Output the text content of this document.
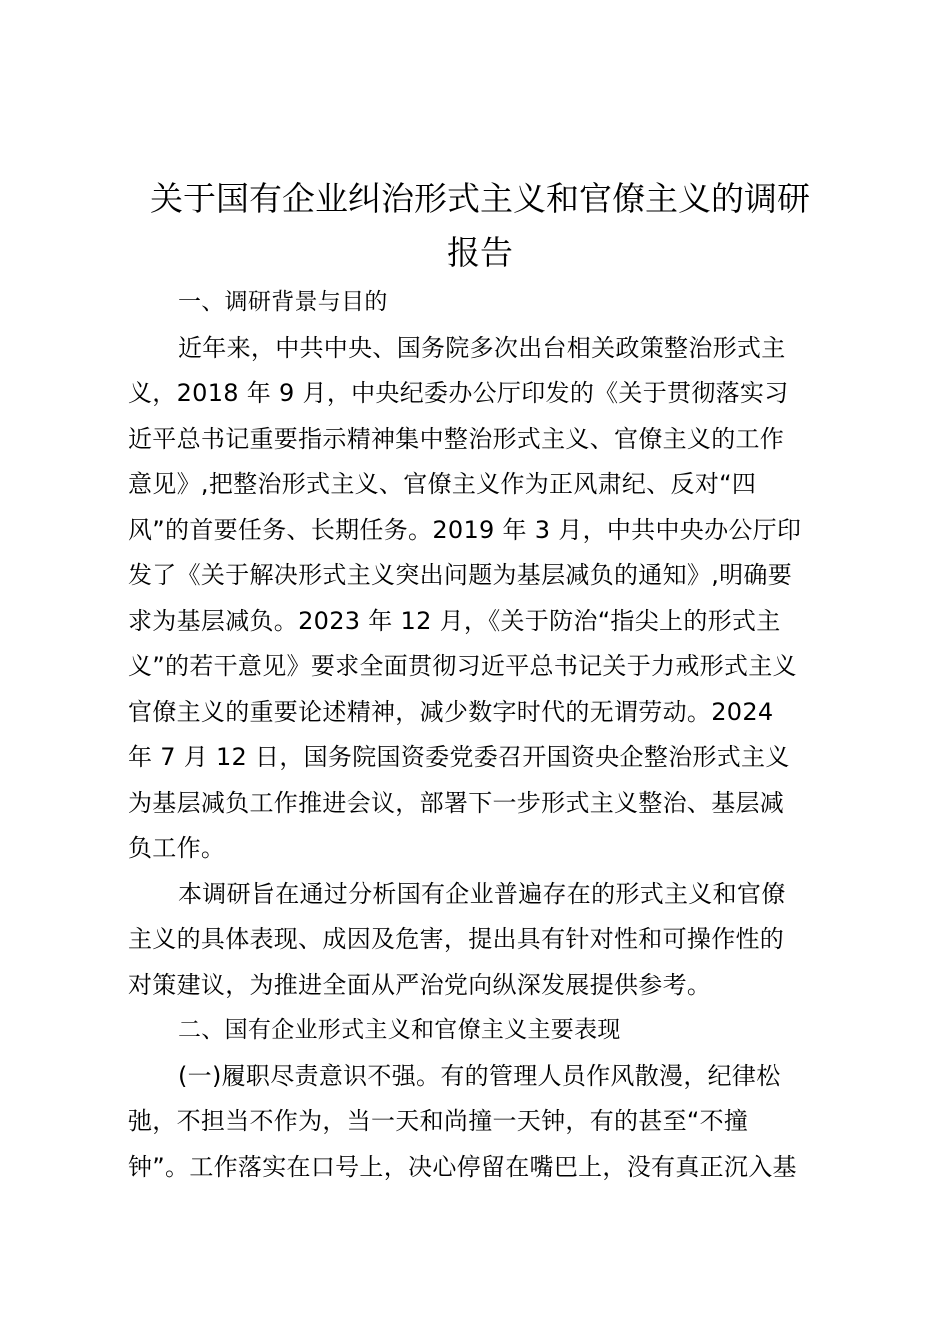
关于国有企业纠治形式主义和官僚主义的调研
报告
一、调研背景与目的
近年来，中共中央、国务院多次出台相关政策整治形式主
义，2018 年 9 月，中央纪委办公厅印发的《关于贯彻落实习
近平总书记重要指示精神集中整治形式主义、官僚主义的工作
意见》,把整治形式主义、官僚主义作为正风肃纪、反对“四
风”的首要任务、长期任务。2019 年 3 月，中共中央办公厅印
发了《关于解决形式主义突出问题为基层减负的通知》,明确要
求为基层减负。2023 年 12 月，《关于防治“指尖上的形式主
义”的若干意见》要求全面贯彻习近平总书记关于力戒形式主义
官僚主义的重要论述精神，减少数字时代的无谓劳动。2024
年 7 月 12 日，国务院国资委党委召开国资央企整治形式主义
为基层减负工作推进会议，部署下一步形式主义整治、基层减
负工作。
本调研旨在通过分析国有企业普遍存在的形式主义和官僚
主义的具体表现、成因及危害，提出具有针对性和可操作性的
对策建议，为推进全面从严治党向纵深发展提供参考。
二、国有企业形式主义和官僚主义主要表现
(一)履职尽责意识不强。有的管理人员作风散漫，纪律松
弛，不担当不作为，当一天和尚撞一天钟，有的甚至“不撞
钟”。工作落实在口号上，决心停留在嘴巴上，没有真正沉入基
